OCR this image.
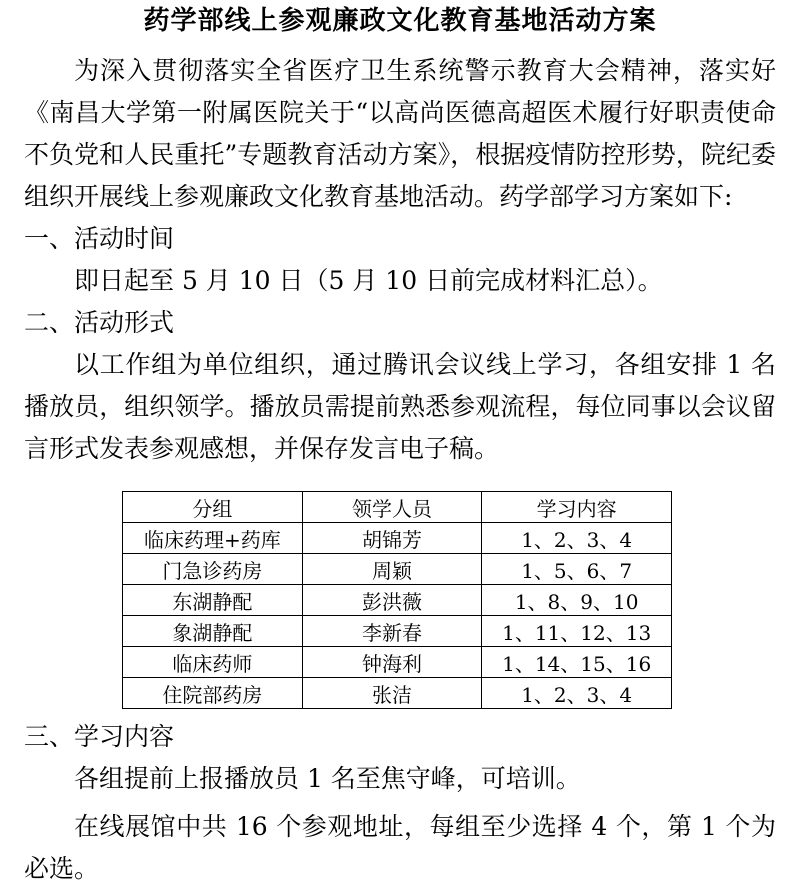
药学部线上参观廉政文化教育基地活动方案
为深入贯彻落实全省医疗卫生系统警示教育大会精神，落实好《南昌大学第一附属医院关于“以高尚医德高超医术履行好职责使命不负党和人民重托”专题教育活动方案》，根据疫情防控形势，院纪委组织开展线上参观廉政文化教育基地活动。药学部学习方案如下:
一、活动时间
即日起至 5 月 10 日（5 月 10 日前完成材料汇总）。
二、活动形式
以工作组为单位组织，通过腾讯会议线上学习，各组安排 1 名播放员，组织领学。播放员需提前熟悉参观流程，每位同事以会议留言形式发表参观感想，并保存发言电子稿。
分组	领学人员	学习内容
临床药理+药库	胡锦芳	1、2、3、4
门急诊药房	周颖	1、5、6、7
东湖静配	彭洪薇	1、8、9、10
象湖静配	李新春	1、11、12、13
临床药师	钟海利	1、14、15、16
住院部药房	张洁	1、2、3、4
三、学习内容
各组提前上报播放员 1 名至焦守峰，可培训。
在线展馆中共 16 个参观地址，每组至少选择 4 个，第 1 个为必选。
